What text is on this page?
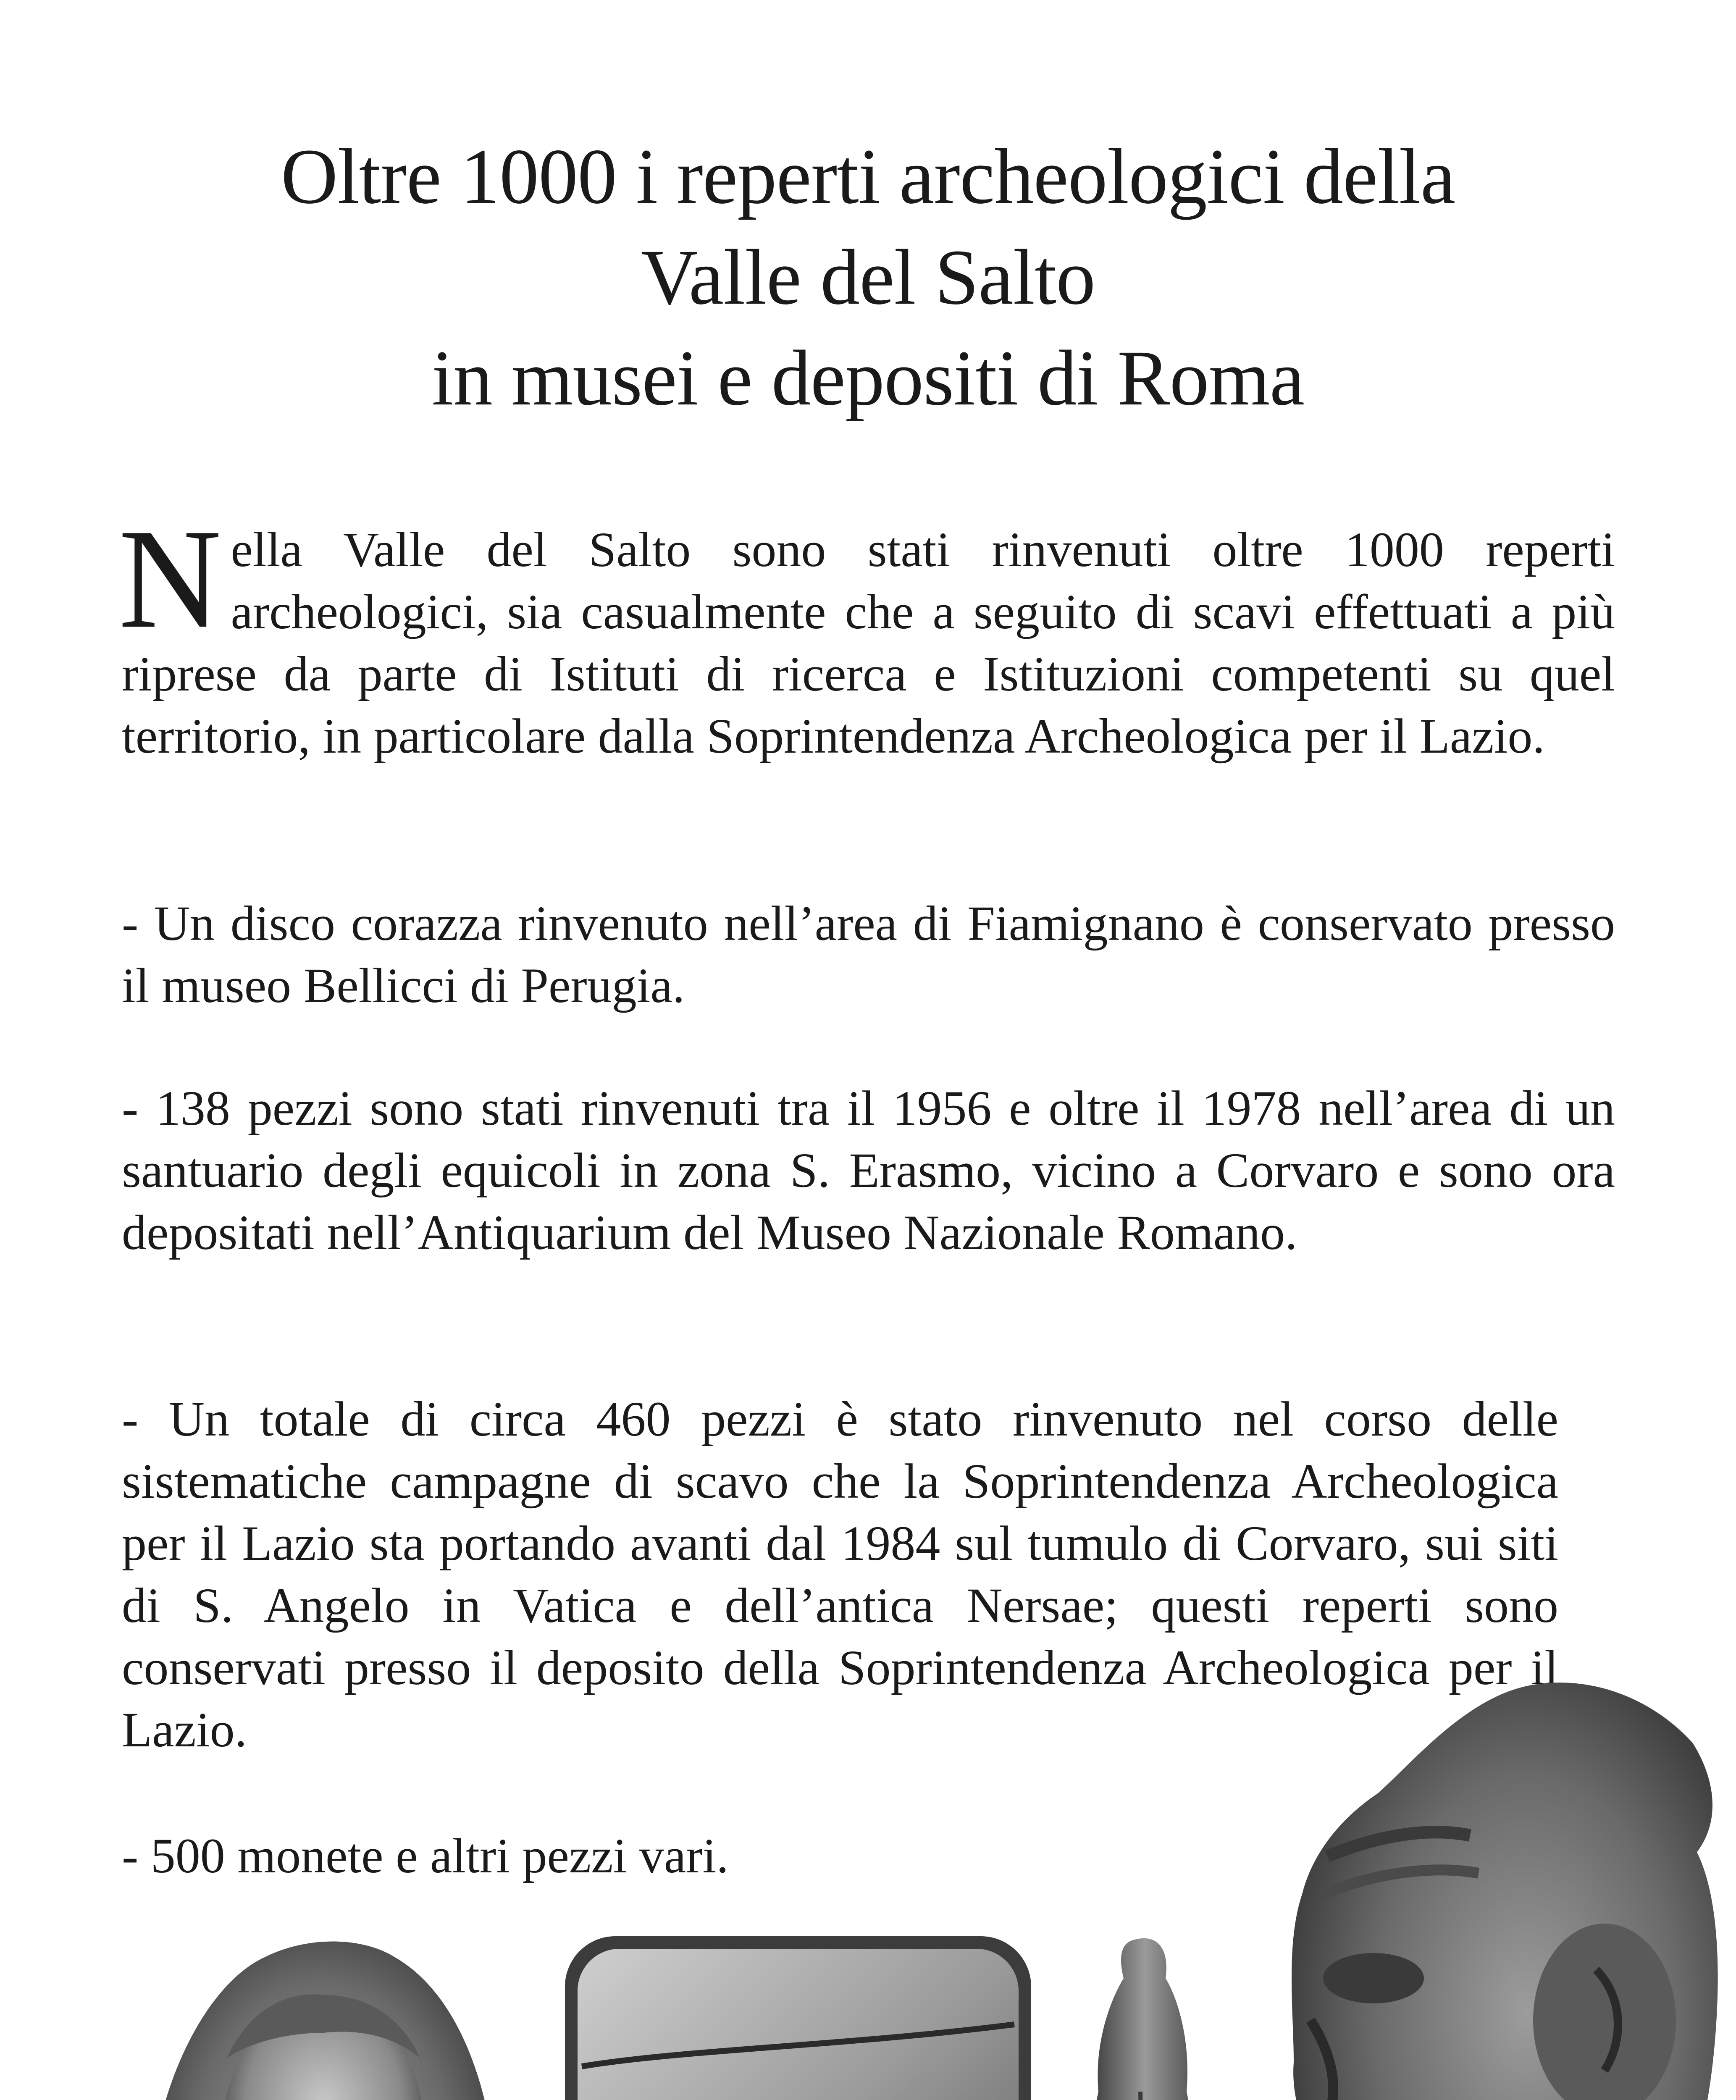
Oltre 1000 i reperti archeologici della
Valle del Salto
in musei e depositi di Roma

Nella Valle del Salto sono stati rinvenuti oltre 1000 reperti archeologici, sia casualmente che a seguito di scavi effettuati a più riprese da parte di Istituti di ricerca e Istituzioni competenti su quel territorio, in particolare dalla Soprintendenza Archeologica per il Lazio.

- Un disco corazza rinvenuto nell’area di Fiamignano è conservato presso il museo Bellicci di Perugia.

- 138 pezzi sono stati rinvenuti tra il 1956 e oltre il 1978 nell’area di un santuario degli equicoli in zona S. Erasmo, vicino a Corvaro e sono ora depositati nell’Antiquarium del Museo Nazionale Romano.

- Un totale di circa 460 pezzi è stato rinvenuto nel corso delle sistematiche campagne di scavo che la Soprintendenza Archeologica per il Lazio sta portando avanti dal 1984 sul tumulo di Corvaro, sui siti di S. Angelo in Vatica e dell’antica Nersae; questi reperti sono conservati presso il deposito della Soprintendenza Archeologica per il Lazio.

- 500 monete e altri pezzi vari.
